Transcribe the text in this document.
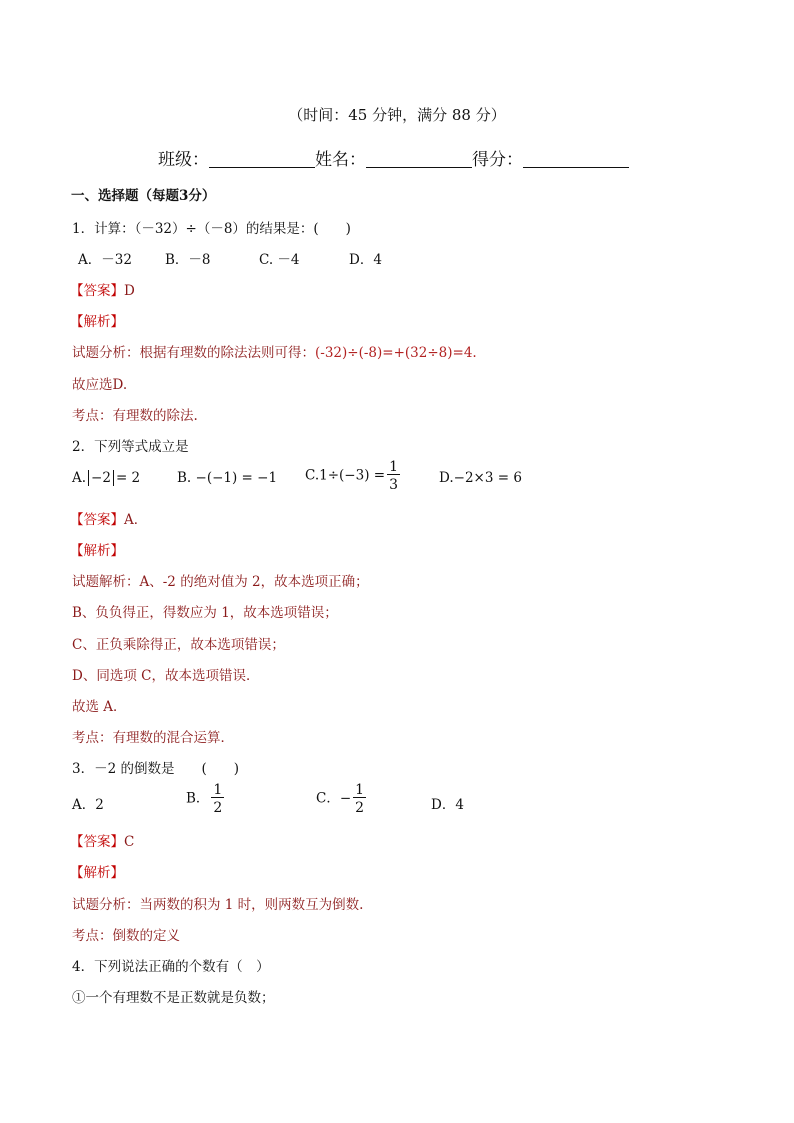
（时间：45 分钟，满分 88 分）
班级：	姓名：	得分：
一、选择题（每题3分）
1．计算：（－32）÷（－8）的结果是：(　　)
A．－32 B．－8	C. －4	D．4
【答案】D
【解析】
试题分析：根据有理数的除法法则可得：(-32)÷(-8)=+(32÷8)=4.
故应选D.
考点：有理数的除法.
2．下列等式成立是
A. −2 = 2	B. −(−1) = −1 $C.1\div(-3) = \frac{1}{3}$	D.−2×3 = 6
【答案】A．
【解析】
试题解析：A、-2 的绝对值为 2，故本选项正确；
B、负负得正，得数应为 1，故本选项错误；
C、正负乘除得正，故本选项错误；
D、同选项 C，故本选项错误．
故选 A．
考点：有理数的混合运算．
3．－2 的倒数是　　(　　)
A．2	B． $\frac{1}{2}$	C．− $\frac{1}{2}$	D．4
【答案】C
【解析】
试题分析：当两数的积为 1 时，则两数互为倒数.
考点：倒数的定义
4．下列说法正确的个数有（　）
①一个有理数不是正数就是负数；
